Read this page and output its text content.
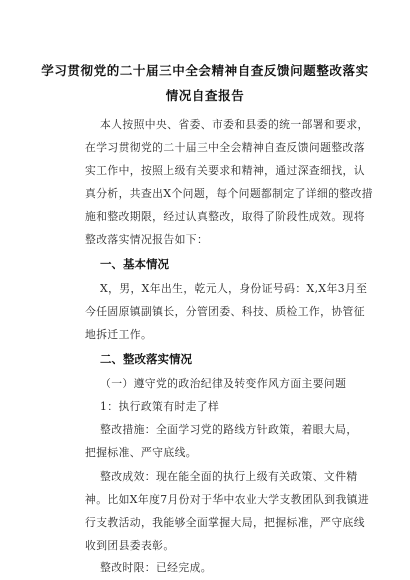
学习贯彻党的二十届三中全会精神自查反馈问题整改落实
情况自查报告
本人按照中央、省委、市委和县委的统一部署和要求，
在学习贯彻党的二十届三中全会精神自查反馈问题整改落
实工作中，按照上级有关要求和精神，通过深查细找，认
真分析，共查出X个问题，每个问题都制定了详细的整改措
施和整改期限，经过认真整改，取得了阶段性成效。现将
整改落实情况报告如下：
一、基本情况
X，男，X年出生，乾元人，身份证号码：X,X年3月至
今任固原镇副镇长，分管团委、科技、质检工作，协管征
地拆迁工作。
二、整改落实情况
（一）遵守党的政治纪律及转变作风方面主要问题
1：执行政策有时走了样
整改措施：全面学习党的路线方针政策，着眼大局，
把握标准、严守底线。
整改成效：现在能全面的执行上级有关政策、文件精
神。比如X年度7月份对于华中农业大学支教团队到我镇进
行支教活动，我能够全面掌握大局，把握标准，严守底线
收到团县委表彰。
整改时限：已经完成。
